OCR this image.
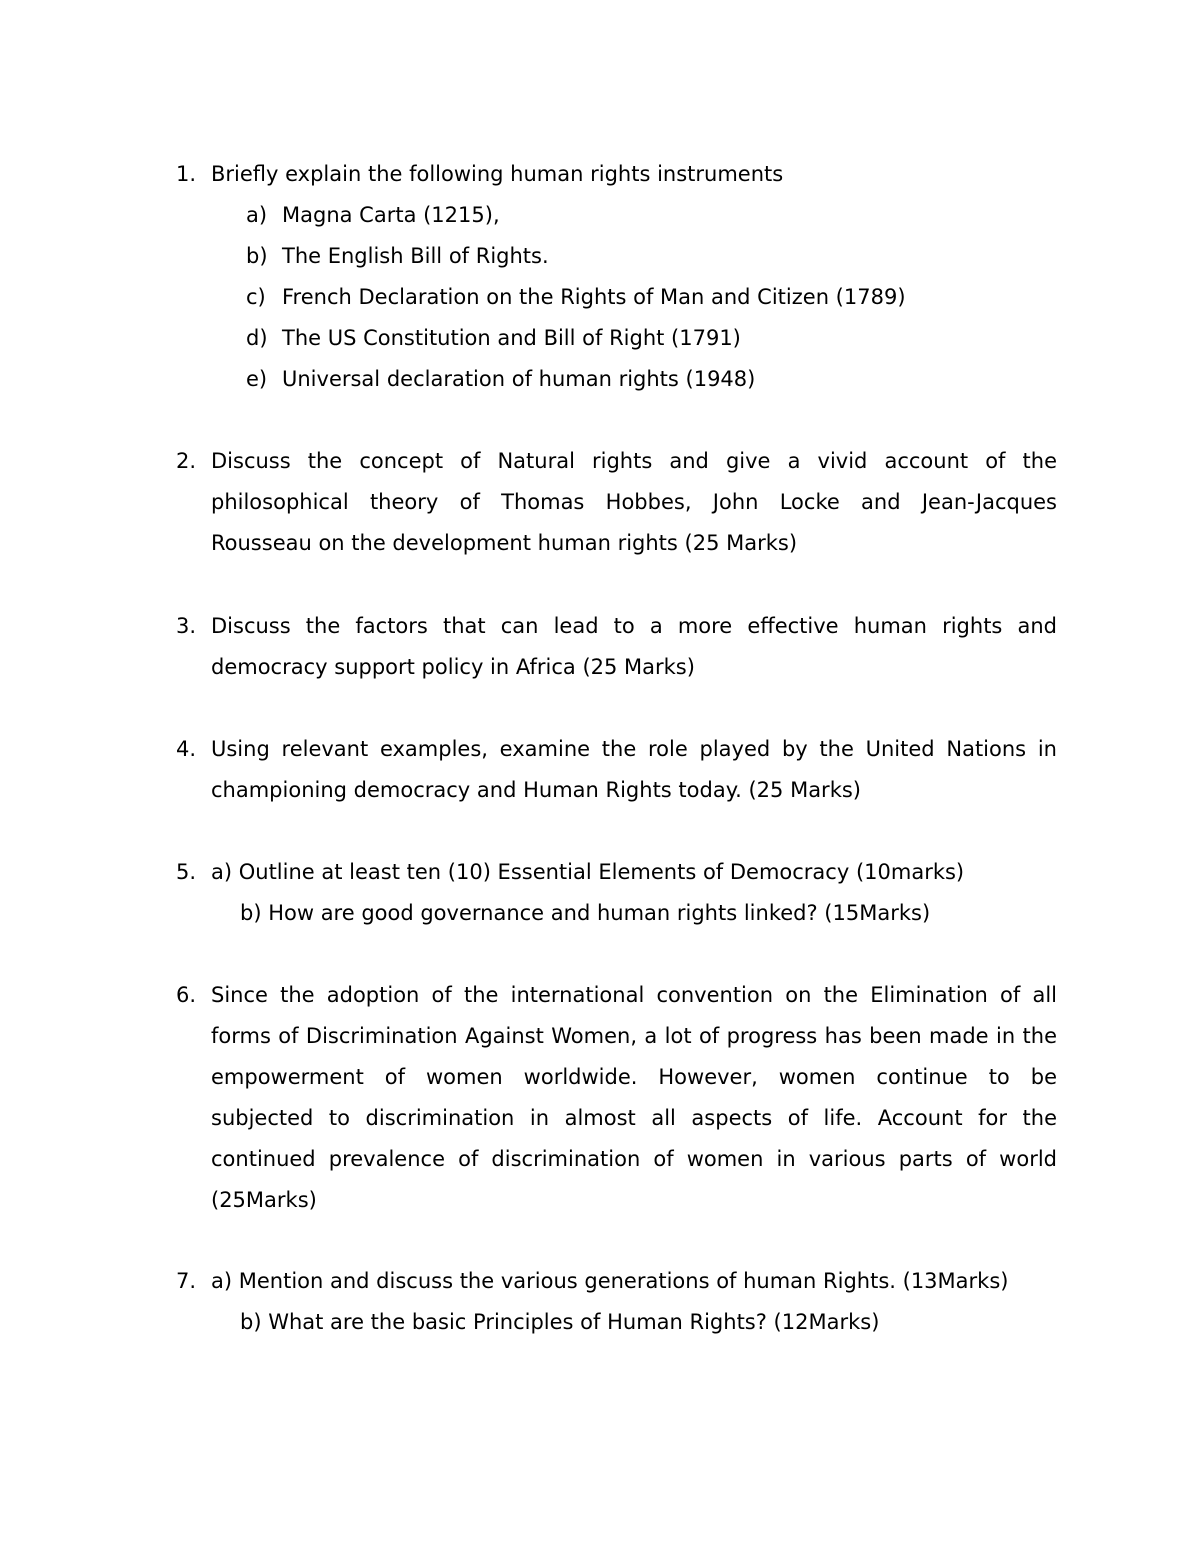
1. Briefly explain the following human rights instruments
a) Magna Carta (1215),
b) The English Bill of Rights.
c) French Declaration on the Rights of Man and Citizen (1789)
d) The US Constitution and Bill of Right (1791)
e) Universal declaration of human rights (1948)
2. Discuss the concept of Natural rights and give a vivid account of the
philosophical theory of Thomas Hobbes, John Locke and Jean-Jacques
Rousseau on the development human rights (25 Marks)
3. Discuss the factors that can lead to a more effective human rights and
democracy support policy in Africa (25 Marks)
4. Using relevant examples, examine the role played by the United Nations in
championing democracy and Human Rights today. (25 Marks)
5. a) Outline at least ten (10) Essential Elements of Democracy (10marks)
b) How are good governance and human rights linked? (15Marks)
6. Since the adoption of the international convention on the Elimination of all
forms of Discrimination Against Women, a lot of progress has been made in the
empowerment of women worldwide. However, women continue to be
subjected to discrimination in almost all aspects of life. Account for the
continued prevalence of discrimination of women in various parts of world
(25Marks)
7. a) Mention and discuss the various generations of human Rights. (13Marks)
b) What are the basic Principles of Human Rights? (12Marks)
